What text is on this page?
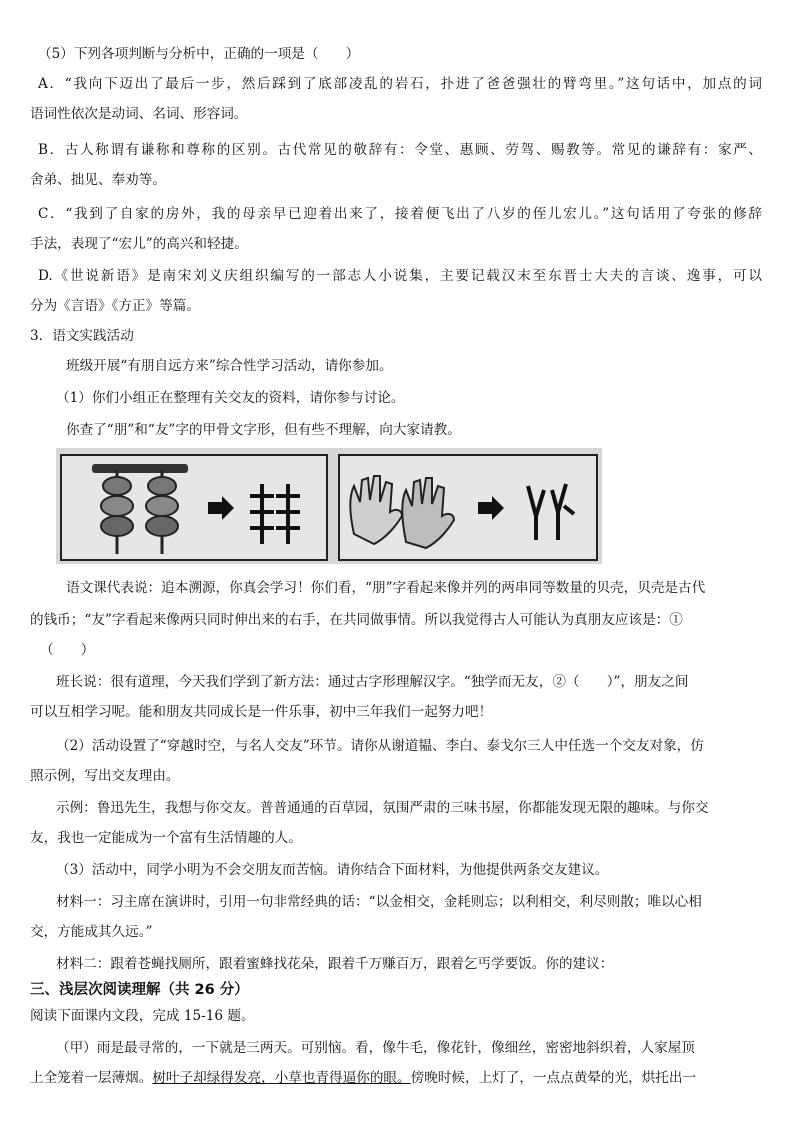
（5）下列各项判断与分析中，正确的一项是（　　）
A．“我向下迈出了最后一步，然后踩到了底部凌乱的岩石，扑进了爸爸强壮的臂弯里。”这句话中，加点的词
语词性依次是动词、名词、形容词。
B．古人称谓有谦称和尊称的区别。古代常见的敬辞有：令堂、惠顾、劳驾、赐教等。常见的谦辞有：家严、
舍弟、拙见、奉劝等。
C．“我到了自家的房外，我的母亲早已迎着出来了，接着便飞出了八岁的侄儿宏儿。”这句话用了夸张的修辞
手法，表现了“宏儿”的高兴和轻捷。
D.《世说新语》是南宋刘义庆组织编写的一部志人小说集，主要记载汉末至东晋士大夫的言谈、逸事，可以
分为《言语》《方正》等篇。
3．语文实践活动
班级开展“有朋自远方来”综合性学习活动，请你参加。
（1）你们小组正在整理有关交友的资料，请你参与讨论。
你查了“朋”和“友”字的甲骨文字形，但有些不理解，向大家请教。
语文课代表说：追本溯源，你真会学习！你们看，“朋”字看起来像并列的两串同等数量的贝壳，贝壳是古代
的钱币；“友”字看起来像两只同时伸出来的右手，在共同做事情。所以我觉得古人可能认为真朋友应该是：①
（　　）
班长说：很有道理，今天我们学到了新方法：通过古字形理解汉字。“独学而无友，②（　　）”，朋友之间
可以互相学习呢。能和朋友共同成长是一件乐事，初中三年我们一起努力吧！
（2）活动设置了“穿越时空，与名人交友”环节。请你从谢道韫、李白、泰戈尔三人中任选一个交友对象，仿
照示例，写出交友理由。
示例：鲁迅先生，我想与你交友。普普通通的百草园，氛围严肃的三味书屋，你都能发现无限的趣味。与你交
友，我也一定能成为一个富有生活情趣的人。
（3）活动中，同学小明为不会交朋友而苦恼。请你结合下面材料，为他提供两条交友建议。
材料一：习主席在演讲时，引用一句非常经典的话：“以金相交，金耗则忘；以利相交，利尽则散；唯以心相
交，方能成其久远。”
材料二：跟着苍蝇找厕所，跟着蜜蜂找花朵，跟着千万赚百万，跟着乞丐学要饭。你的建议：
三、浅层次阅读理解（共 26 分）
阅读下面课内文段，完成 15-16 题。
（甲）雨是最寻常的，一下就是三两天。可别恼。看，像牛毛，像花针，像细丝，密密地斜织着，人家屋顶
上全笼着一层薄烟。树叶子却绿得发亮，小草也青得逼你的眼。傍晚时候，上灯了，一点点黄晕的光，烘托出一
